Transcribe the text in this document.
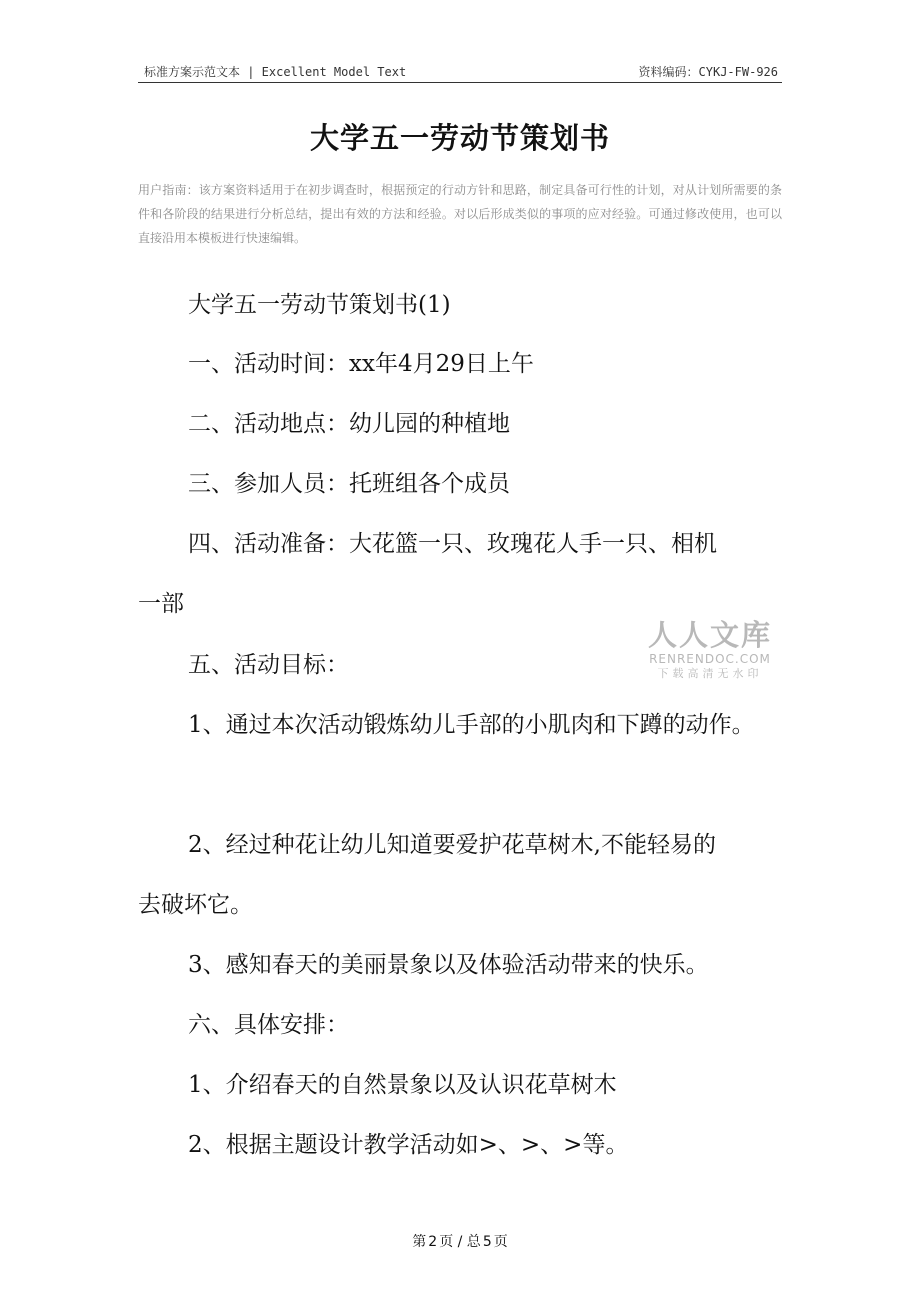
标准方案示范文本 | Excellent Model Text	资料编码：CYKJ-FW-926
大学五一劳动节策划书
用户指南：该方案资料适用于在初步调查时，根据预定的行动方针和思路，制定具备可行性的计划，对从计划所需要的条件和各阶段的结果进行分析总结，提出有效的方法和经验。对以后形成类似的事项的应对经验。可通过修改使用，也可以直接沿用本模板进行快速编辑。
大学五一劳动节策划书(1)
一、活动时间：xx年4月29日上午
二、活动地点：幼儿园的种植地
三、参加人员：托班组各个成员
四、活动准备：大花篮一只、玫瑰花人手一只、相机
一部
五、活动目标：
1、通过本次活动锻炼幼儿手部的小肌肉和下蹲的动作。
2、经过种花让幼儿知道要爱护花草树木,不能轻易的
去破坏它。
3、感知春天的美丽景象以及体验活动带来的快乐。
六、具体安排：
1、介绍春天的自然景象以及认识花草树木
2、根据主题设计教学活动如>、>、>等。
人人文库
RENRENDOC.COM
下载高清无水印
第 2 页 / 总 5 页
